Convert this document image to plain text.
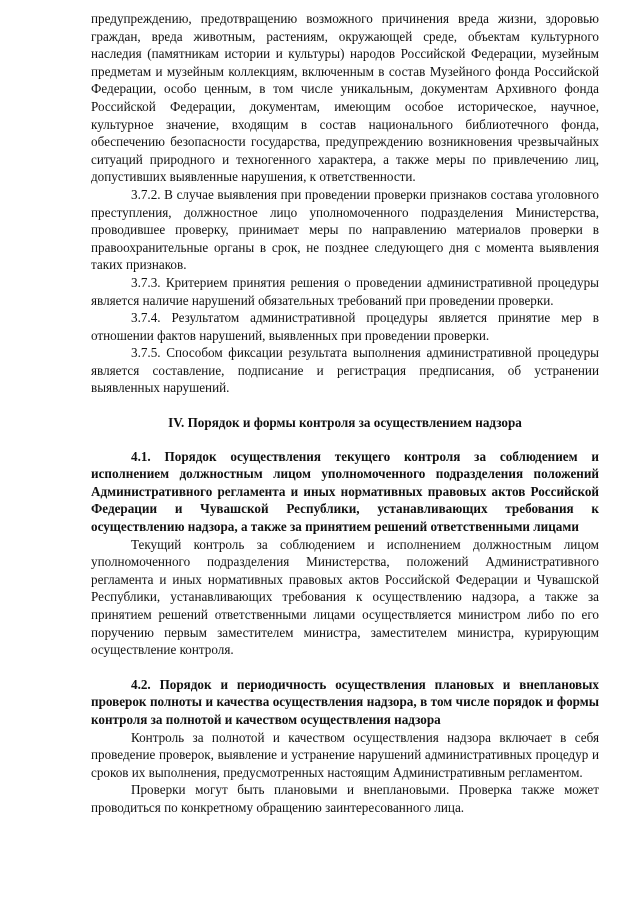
предупреждению, предотвращению возможного причинения вреда жизни, здоровью граждан, вреда животным, растениям, окружающей среде, объектам культурного наследия (памятникам истории и культуры) народов Российской Федерации, музейным предметам и музейным коллекциям, включенным в состав Музейного фонда Российской Федерации, особо ценным, в том числе уникальным, документам Архивного фонда Российской Федерации, документам, имеющим особое историческое, научное, культурное значение, входящим в состав национального библиотечного фонда, обеспечению безопасности государства, предупреждению возникновения чрезвычайных ситуаций природного и техногенного характера, а также меры по привлечению лиц, допустивших выявленные нарушения, к ответственности.

3.7.2. В случае выявления при проведении проверки признаков состава уголовного преступления, должностное лицо уполномоченного подразделения Министерства, проводившее проверку, принимает меры по направлению материалов проверки в правоохранительные органы в срок, не позднее следующего дня с момента выявления таких признаков.

3.7.3. Критерием принятия решения о проведении административной процедуры является наличие нарушений обязательных требований при проведении проверки.

3.7.4. Результатом административной процедуры является принятие мер в отношении фактов нарушений, выявленных при проведении проверки.

3.7.5. Способом фиксации результата выполнения административной процедуры является составление, подписание и регистрация предписания, об устранении выявленных нарушений.

IV. Порядок и формы контроля за осуществлением надзора

4.1. Порядок осуществления текущего контроля за соблюдением и исполнением должностным лицом уполномоченного подразделения положений Административного регламента и иных нормативных правовых актов Российской Федерации и Чувашской Республики, устанавливающих требования к осуществлению надзора, а также за принятием решений ответственными лицами

Текущий контроль за соблюдением и исполнением должностным лицом уполномоченного подразделения Министерства, положений Административного регламента и иных нормативных правовых актов Российской Федерации и Чувашской Республики, устанавливающих требования к осуществлению надзора, а также за принятием решений ответственными лицами осуществляется министром либо по его поручению первым заместителем министра, заместителем министра, курирующим осуществление контроля.

4.2. Порядок и периодичность осуществления плановых и внеплановых проверок полноты и качества осуществления надзора, в том числе порядок и формы контроля за полнотой и качеством осуществления надзора

Контроль за полнотой и качеством осуществления надзора включает в себя проведение проверок, выявление и устранение нарушений административных процедур и сроков их выполнения, предусмотренных настоящим Административным регламентом.

Проверки могут быть плановыми и внеплановыми. Проверка также может проводиться по конкретному обращению заинтересованного лица.
